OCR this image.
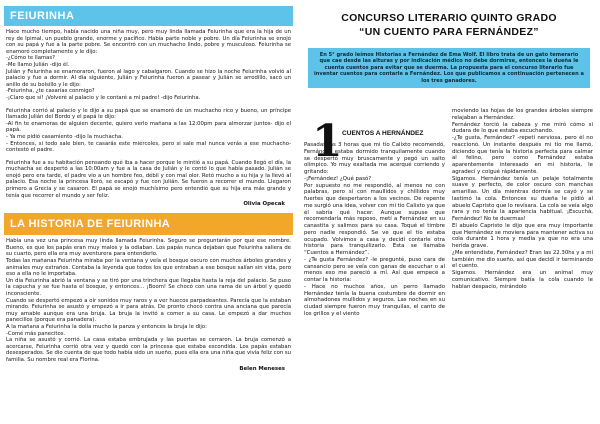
FEIURINHA

Hace mucho tiempo, había nacido una niña muy, pero muy linda llamada Feiurinha que era la hija de un rey de Ipimal, un pueblo grande, enorme y pacífico. Había parte noble y pobre. Un día Feiurinha se enojó con su papá y fue a la parte pobre. Se encontró con un muchacho lindo, pobre y musculoso. Feiurinha se enamoró completamente y le dijo:

-¿Cómo te llamas?

-Me llamo Julián -dijo él.

Julián y Feiurinha se enamoraron, fueron al lago y cabalgaron. Cuando se hizo la noche Feiurinha volvió al palacio y fue a dormir. Al día siguiente, Julián y Feiurinha fueron a pasear y Julián se arrodilló, sacó un anillo de su bolsillo y le dijo:

-Feiurinha, ¿te casarías conmigo?

-¡Claro que sí! ¡Volveré al palacio y le contaré a mi padre! -dijo Feiurinha.

Feiurinha corrió al palacio y le dijo a su papá que se enamoró de un muchacho rico y bueno, un príncipe llamado Julián del Bordo y el papá le dijo:

-Al fin te enamoras de alguien decente, quiero verlo mañana a las 12:00pm para almorzar juntos- dijo el papá.

- Ya me pidió casamiento -dijo la muchacha.

- Entonces, si todo sale bien, te casarás este miércoles, pero si sale mal nunca verás a ese muchacho- contestó el padre.

Feiurinha fue a su habitación pensando qué iba a hacer porque le mintió a su papá. Cuando llegó el día, la muchacha se despertó a las 10:00am y fue a la casa de Julián y le contó lo que había pasado. Julián se enojó pero era tarde, el padre vio a un hombre feo, débil y con mal olor. Retó mucho a su hija y la llevó al palacio. Esa noche la princesa lloró, se escapó y fue con Julián. Se fueron a recorrer el mundo. Llegaron primero a Grecia y se casaron. El papá se enojó muchísimo pero entendió que su hija era más grande y tenía que recorrer el mundo y ser feliz.

Olivia Opecak
LA HISTORIA DE FEIURINHA

Había una vez una princesa muy linda llamada Feiurinha. Seguro se preguntarán por qué ese nombre. Bueno, es que los papás eran muy malos y la odiaban. Los papás nunca dejaban que Feiurinha saliera de su cuarto, pero ella era muy aventurera para entenderlo.

Todas las mañanas Feiurinha miraba por la ventana y veía el bosque oscuro con muchos árboles grandes y animales muy extraños. Contaba la leyenda que todos los que entraban a ese bosque salían sin vida, pero eso a ella no le importaba.

Un día Feiurinha abrió la ventana y se tiró por una trinchera que llegaba hasta la reja del palacio. Se puso la capucha y se fue hasta el bosque, y entonces... ¡Boom! Se chocó con una rama de un árbol y quedó inconsciente.

Cuando se despertó empezó a oír sonidos muy raros y a ver huecos parpadeantes. Parecía que la estaban mirando. Feiurinha se asustó y empezó a ir para atrás. De pronto chocó contra una anciana que parecía muy amable aunque era una bruja. La bruja la invitó a comer a su casa. Le empezó a dar muchos panecillos (porque era panadera).

A la mañana a Feiurinha la dolía mucho la panza y entonces la bruja le dijo:

-Comé más panecitos.

La niña se asustó y corrió. La casa estaba embrujada y las puertas se cerraron. La bruja comenzó a acercarse, Feiurinha corrió otra vez y quedó con la princesa que estaba escondida. Los papás estaban desesperados. Se dio cuenta de que todo había sido un sueño, pues ella era una niña que vivía feliz con su familia. Su nombre real era Florina.

Belen Meneses
CONCURSO LITERARIO QUINTO GRADO
“UN CUENTO PARA FERNÁNDEZ”
En 5° grado leímos Historias a Fernández de Ema Wolf. El libro trata de un gato temerario que cae desde las alturas y por indicación médico no debe dormirse, entonces la dueña le cuenta cuentos para evitar que se duerma. La propuesta para el concurso literario fue inventar cuentos para contarle a Fernández. Los que publicamos a continuación pertenecen a los tres ganadores.
1 CUENTOS A HERNÁNDEZ

Pasadas las 3 horas que mi tío Calixto recomendó, Fernández estaba dormido tranquilamente cuando se despertó muy bruscamente y pegó un salto olímpico. Yo muy exaltada me acerqué corriendo y gritando:

-¡Fernández! ¿Qué pasó?

Por supuesto no me respondió, al menos no con palabras, pero sí con maullidos y chillidos muy fuertes que despertaron a los vecinos. De repente me surgió una idea, volver con mi tío Calixto ya que él sabría qué hacer. Aunque supuse que recomendaría más reposo, metí a Fernández en su canastita y salimos para su casa. Toqué el timbre pero nadie respondió. Se ve que el tío estaba ocupado. Volvimos a casa y decidí contarle otra historia para tranquilizarlo. Esta se llamaba “Cuentos a Hernández”.

- ¿Te gusta Fernández? -le pregunté, puso cara de cansancio pero se veía con ganas de escuchar o al menos eso me pareció a mí. Así que empecé a contar la historia:

- Hace no muchos años, un perro llamado Hernández tenía la buena costumbre de dormir en almohadones mullidos y seguros. Las noches en su ciudad siempre fueron muy tranquilas, el canto de los grillos y el viento

moviendo las hojas de los grandes árboles siempre relajaban a Hernández.

Fernández torció la cabeza y me miró cómo si dudara de lo que estaba escuchando.

-¿Te gusta, Fernández? -repetí nerviosa, pero él no reaccionó. Un instante después mi tío me llamó, diciendo que tenía la historia perfecta para calmar al felino, pero como Fernández estaba aparentemente interesado en mi historia, le agradecí y colgué rápidamente.

Sigamos. Hernández tenía un pelaje totalmente suave y perfecto, de color oscuro con manchas amarillas. Un día mientras dormía se cayó y se lastimó la cola. Entonces su dueña le pidió al abuelo Capristo que lo revisara. La cola se veía algo rara y no tenía la apariencia habitual. ¡Escuchá, Fernández! No te duermas!

El abuelo Capristo le dijo que era muy importante que Hernández se moviera para mantener activa su cola durante 1 hora y media ya que no era una herida grave.

¿Me entendiste, Fernández? Eran las 22.30hs y a mí también me dio sueño, así que decidí ir terminando el cuento.

Sigamos. Hernández era un animal muy comunicativo. Siempre batía la cola cuando le hablan despacio, mirándolo
